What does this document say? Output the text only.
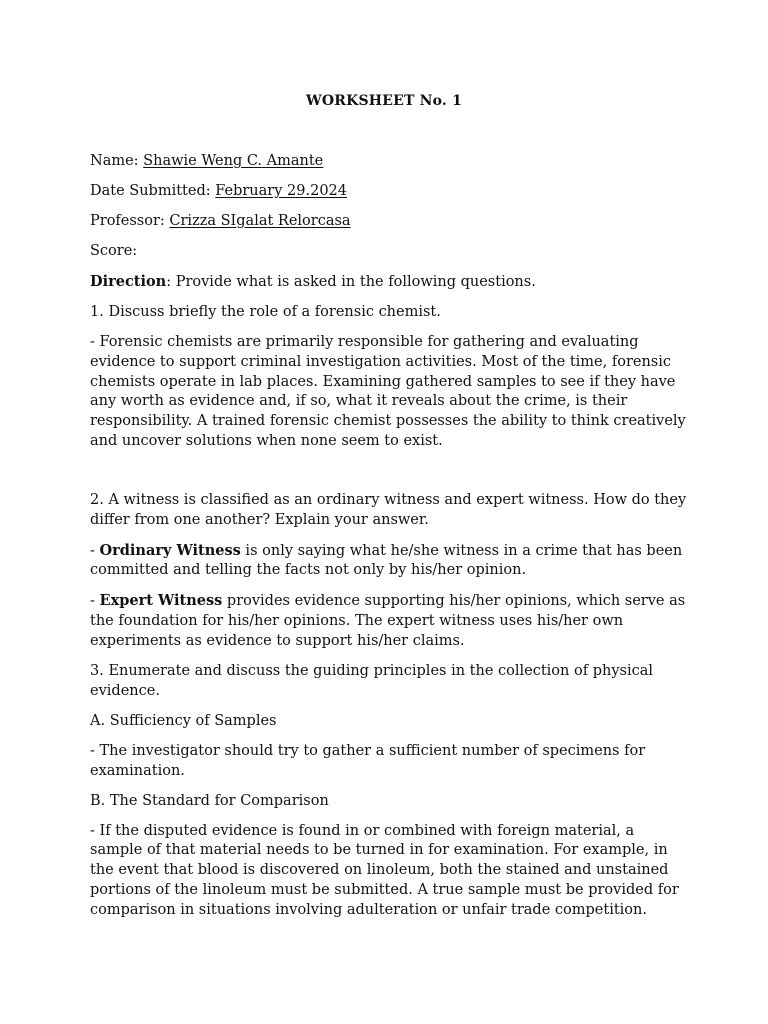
WORKSHEET No. 1

Name: Shawie Weng C. Amante

Date Submitted: February 29.2024

Professor: Crizza SIgalat Relorcasa

Score:

Direction: Provide what is asked in the following questions.

1. Discuss briefly the role of a forensic chemist.

- Forensic chemists are primarily responsible for gathering and evaluating evidence to support criminal investigation activities. Most of the time, forensic chemists operate in lab places. Examining gathered samples to see if they have any worth as evidence and, if so, what it reveals about the crime, is their responsibility. A trained forensic chemist possesses the ability to think creatively and uncover solutions when none seem to exist.

2. A witness is classified as an ordinary witness and expert witness. How do they differ from one another? Explain your answer.

- Ordinary Witness is only saying what he/she witness in a crime that has been committed and telling the facts not only by his/her opinion.

- Expert Witness provides evidence supporting his/her opinions, which serve as the foundation for his/her opinions. The expert witness uses his/her own experiments as evidence to support his/her claims.

3. Enumerate and discuss the guiding principles in the collection of physical evidence.

A. Sufficiency of Samples

- The investigator should try to gather a sufficient number of specimens for examination.

B. The Standard for Comparison

- If the disputed evidence is found in or combined with foreign material, a sample of that material needs to be turned in for examination. For example, in the event that blood is discovered on linoleum, both the stained and unstained portions of the linoleum must be submitted. A true sample must be provided for comparison in situations involving adulteration or unfair trade competition.
